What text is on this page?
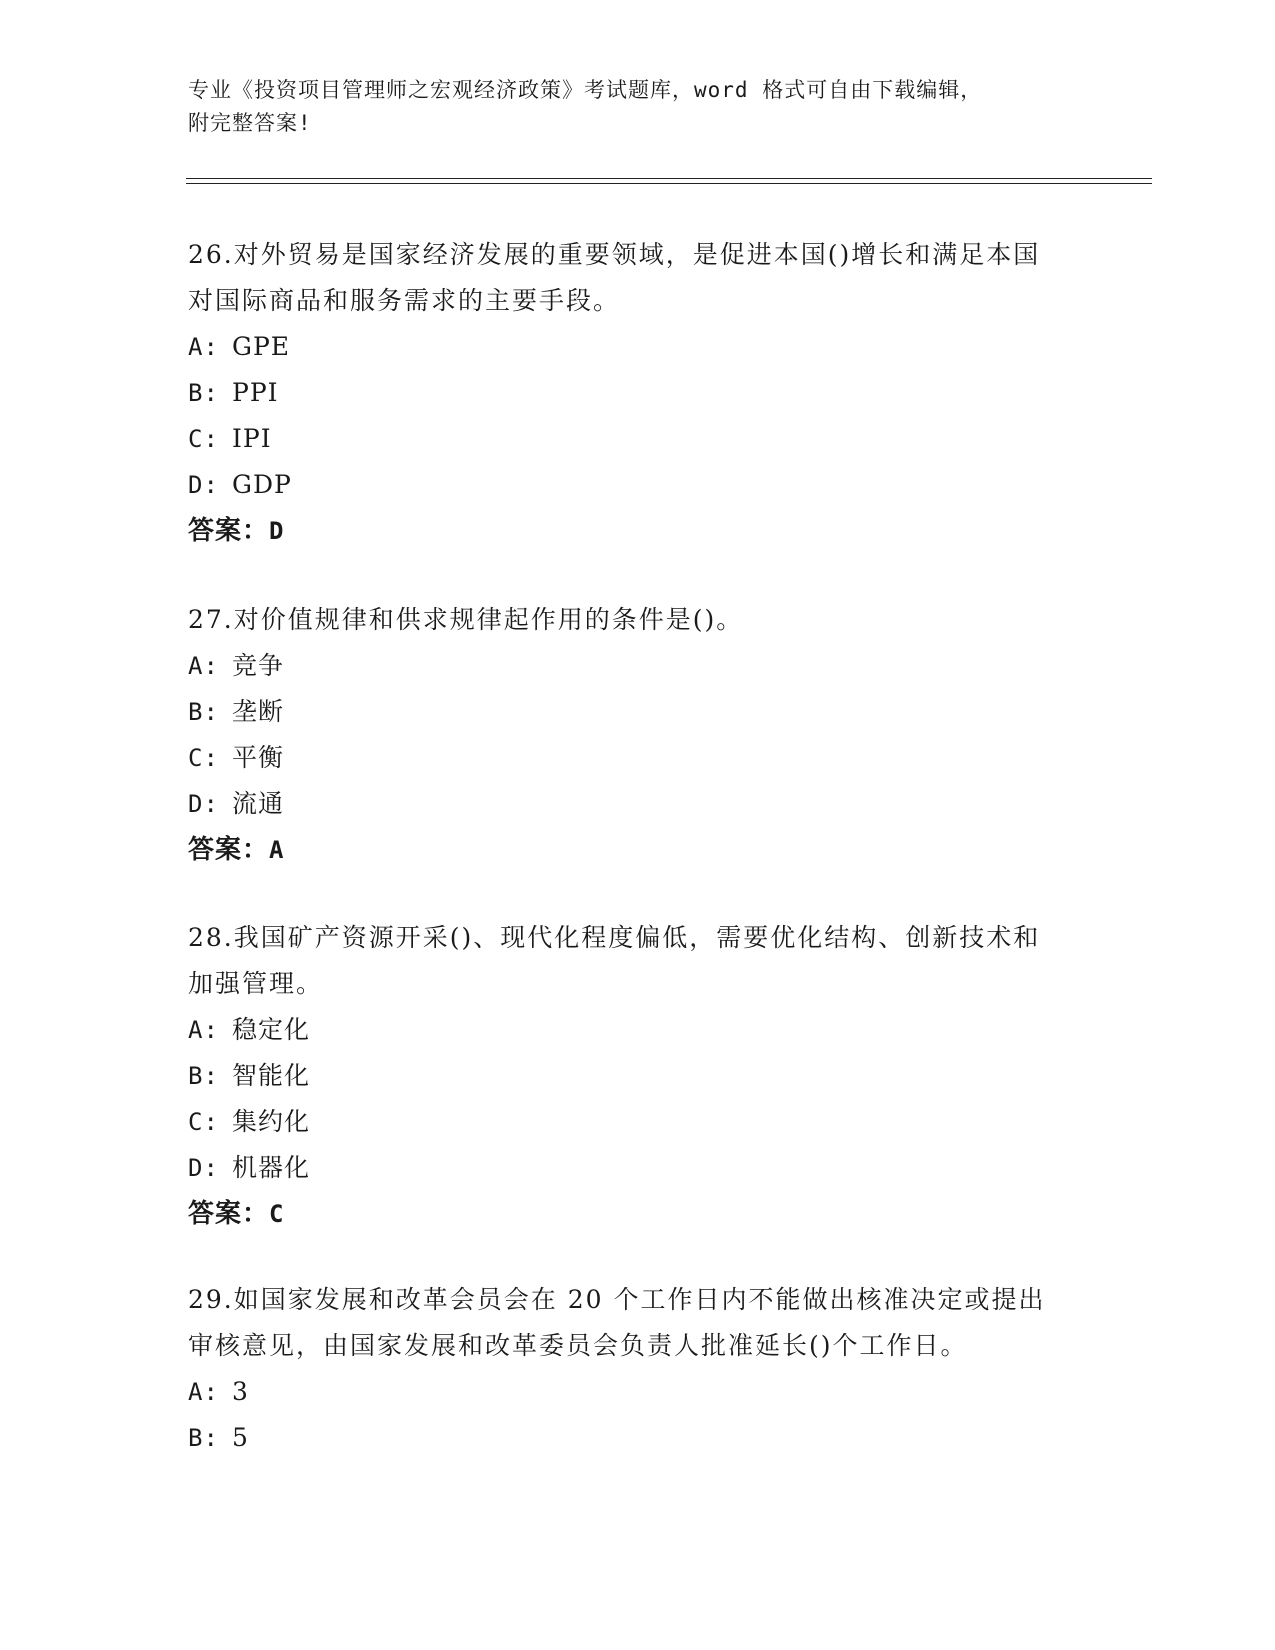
专业《投资项目管理师之宏观经济政策》考试题库，word 格式可自由下载编辑，
附完整答案!

26.对外贸易是国家经济发展的重要领域，是促进本国()增长和满足本国对国际商品和服务需求的主要手段。

A: GPE

B: PPI

C: IPI

D: GDP

答案：D

27.对价值规律和供求规律起作用的条件是()。

A: 竞争

B: 垄断

C: 平衡

D: 流通

答案：A

28.我国矿产资源开采()、现代化程度偏低，需要优化结构、创新技术和加强管理。

A: 稳定化

B: 智能化

C: 集约化

D: 机器化

答案：C

29.如国家发展和改革会员会在 20 个工作日内不能做出核准决定或提出审核意见，由国家发展和改革委员会负责人批准延长()个工作日。

A: 3

B: 5
